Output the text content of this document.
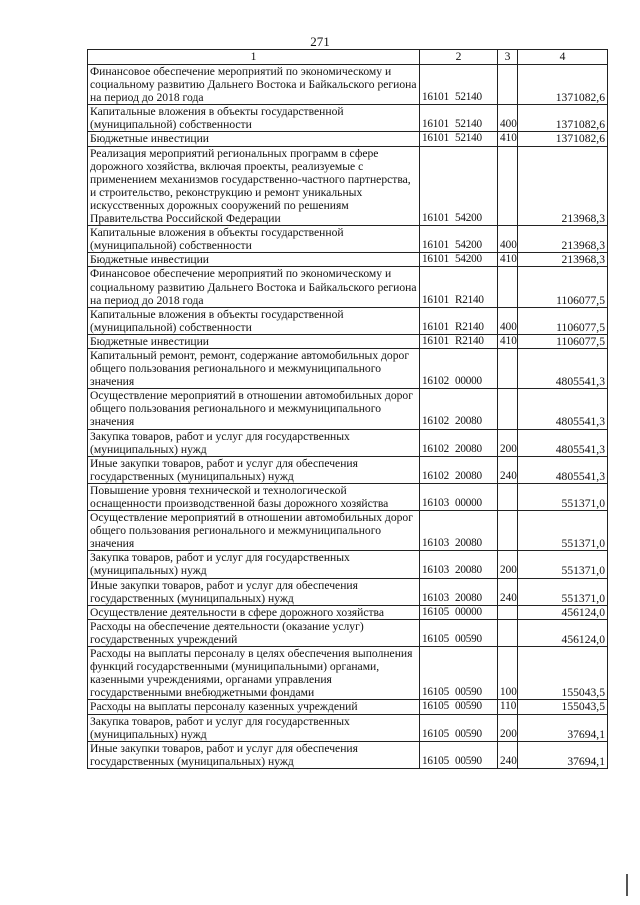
271
1	2	3	4
Финансовое обеспечение мероприятий по экономическому и социальному развитию Дальнего Востока и Байкальского региона на период до 2018 года	16101 52140		1371082,6
Капитальные вложения в объекты государственной (муниципальной) собственности	16101 52140	400	1371082,6
Бюджетные инвестиции	16101 52140	410	1371082,6
Реализация мероприятий региональных программ в сфере дорожного хозяйства, включая проекты, реализуемые с применением механизмов государственно-частного партнерства, и строительство, реконструкцию и ремонт уникальных искусственных дорожных сооружений по решениям Правительства Российской Федерации	16101 54200		213968,3
Капитальные вложения в объекты государственной (муниципальной) собственности	16101 54200	400	213968,3
Бюджетные инвестиции	16101 54200	410	213968,3
Финансовое обеспечение мероприятий по экономическому и социальному развитию Дальнего Востока и Байкальского региона на период до 2018 года	16101 R2140		1106077,5
Капитальные вложения в объекты государственной (муниципальной) собственности	16101 R2140	400	1106077,5
Бюджетные инвестиции	16101 R2140	410	1106077,5
Капитальный ремонт, ремонт, содержание автомобильных дорог общего пользования регионального и межмуниципального значения	16102 00000		4805541,3
Осуществление мероприятий в отношении автомобильных дорог общего пользования регионального и межмуниципального значения	16102 20080		4805541,3
Закупка товаров, работ и услуг для государственных (муниципальных) нужд	16102 20080	200	4805541,3
Иные закупки товаров, работ и услуг для обеспечения государственных (муниципальных) нужд	16102 20080	240	4805541,3
Повышение уровня технической и технологической оснащенности производственной базы дорожного хозяйства	16103 00000		551371,0
Осуществление мероприятий в отношении автомобильных дорог общего пользования регионального и межмуниципального значения	16103 20080		551371,0
Закупка товаров, работ и услуг для государственных (муниципальных) нужд	16103 20080	200	551371,0
Иные закупки товаров, работ и услуг для обеспечения государственных (муниципальных) нужд	16103 20080	240	551371,0
Осуществление деятельности в сфере дорожного хозяйства	16105 00000		456124,0
Расходы на обеспечение деятельности (оказание услуг) государственных учреждений	16105 00590		456124,0
Расходы на выплаты персоналу в целях обеспечения выполнения функций государственными (муниципальными) органами, казенными учреждениями, органами управления государственными внебюджетными фондами	16105 00590	100	155043,5
Расходы на выплаты персоналу казенных учреждений	16105 00590	110	155043,5
Закупка товаров, работ и услуг для государственных (муниципальных) нужд	16105 00590	200	37694,1
Иные закупки товаров, работ и услуг для обеспечения государственных (муниципальных) нужд	16105 00590	240	37694,1
